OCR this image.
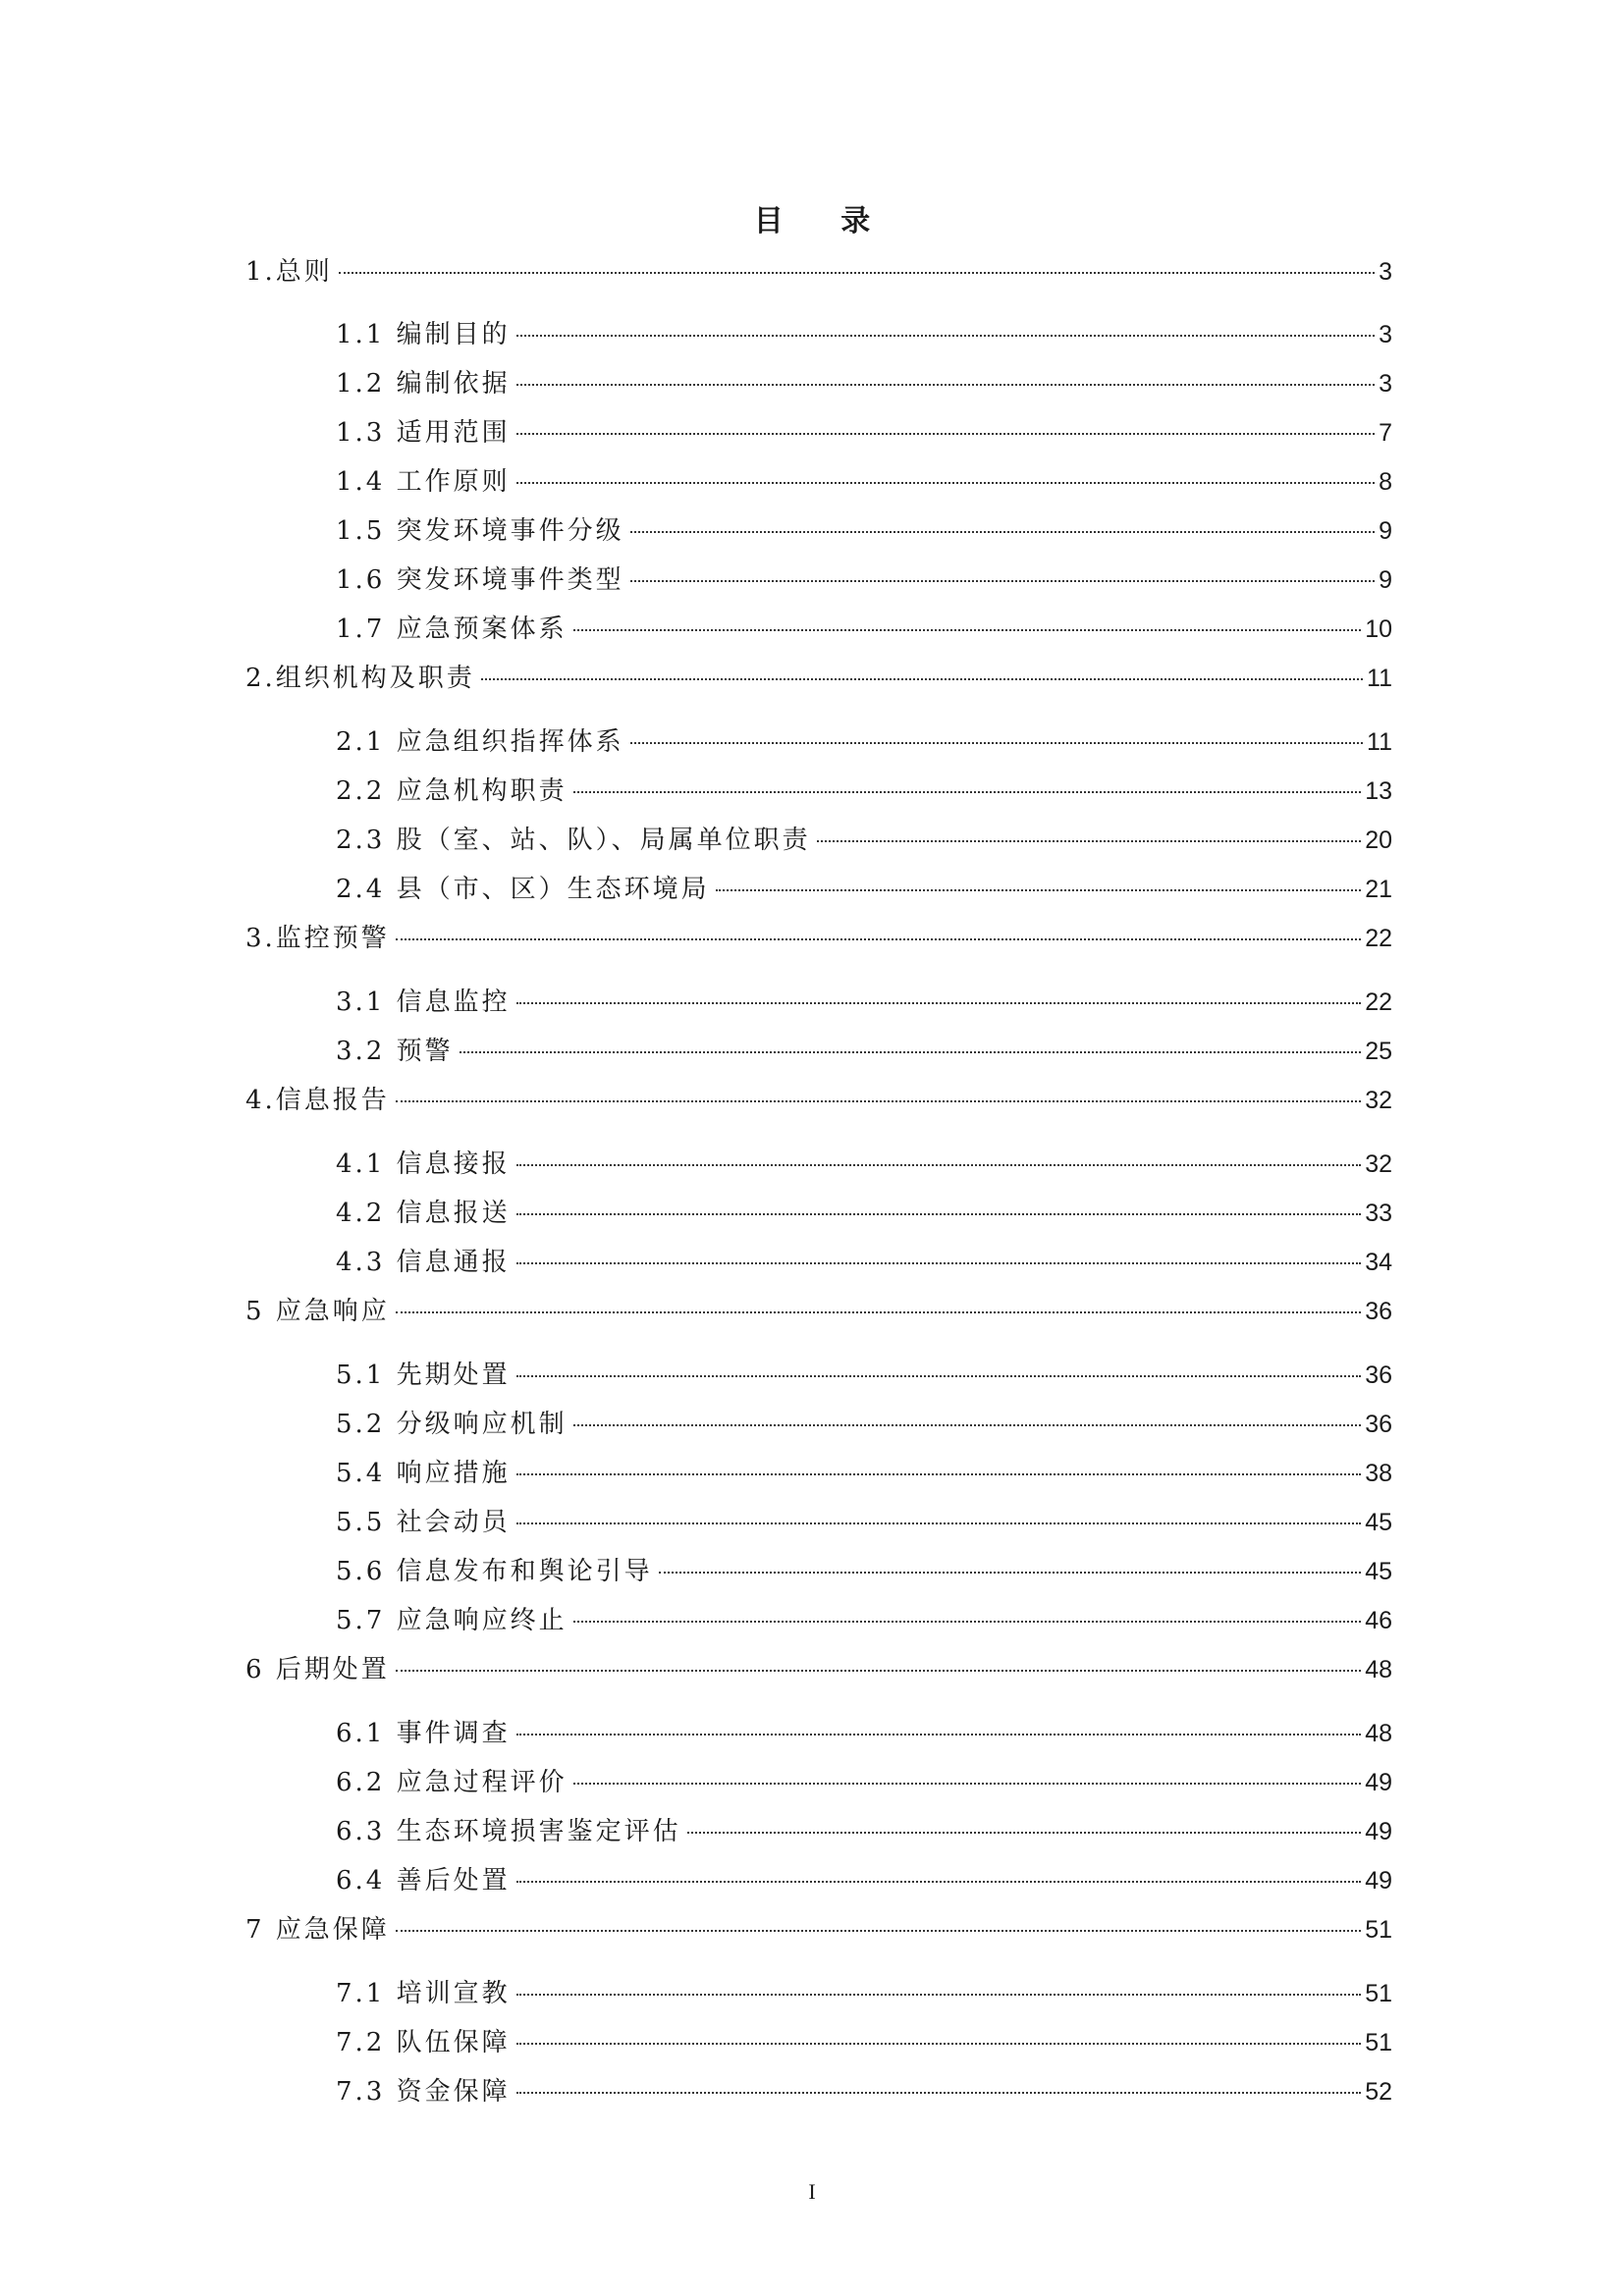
目 录
1.总则	3
1.1 编制目的	3
1.2 编制依据	3
1.3 适用范围	7
1.4 工作原则	8
1.5 突发环境事件分级	9
1.6 突发环境事件类型	9
1.7 应急预案体系	10
2.组织机构及职责	11
2.1 应急组织指挥体系	11
2.2 应急机构职责	13
2.3 股（室、站、队）、局属单位职责	20
2.4 县（市、区）生态环境局	21
3.监控预警	22
3.1 信息监控	22
3.2 预警	25
4.信息报告	32
4.1 信息接报	32
4.2 信息报送	33
4.3 信息通报	34
5 应急响应	36
5.1 先期处置	36
5.2 分级响应机制	36
5.4 响应措施	38
5.5 社会动员	45
5.6 信息发布和舆论引导	45
5.7 应急响应终止	46
6 后期处置	48
6.1 事件调查	48
6.2 应急过程评价	49
6.3 生态环境损害鉴定评估	49
6.4 善后处置	49
7 应急保障	51
7.1 培训宣教	51
7.2 队伍保障	51
7.3 资金保障	52
I
